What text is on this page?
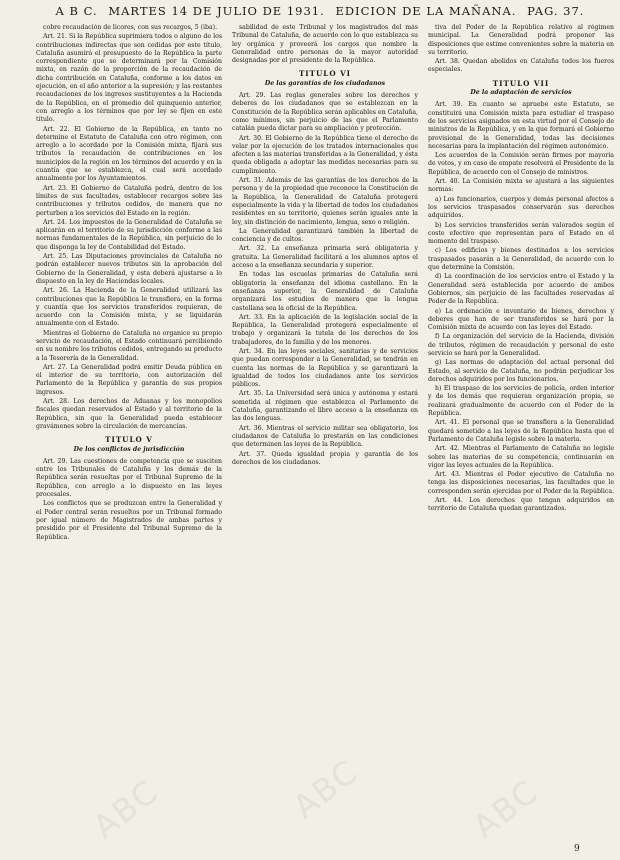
A B C. MARTES 14 DE JULIO DE 1931. EDICION DE LA MAÑANA. PAG. 37.

cobre recaudación de licores, con sus recargos, 5 (iba).

Art. 21. Si la República suprimiera todos o alguno de los contribuciones indirectas que son cedidas por este título, Cataluña asumirá el presupuesto de la República la parte correspondiente que se determinará por la Comisión mixta, en razón de la proporción de la recaudación de dicha contribución en Cataluña, conforme a los datos en ejecución, en el año anterior a la supresión; y las restantes recaudaciones de los ingresos sustituyentes a la Hacienda de la República, en el promedio del quinquenio anterior, con arreglo a los términos que por ley se fijen en este título.

Art. 22. El Gobierno de la República, en tanto no determine el Estatuto de Cataluña con otro régimen, con arreglo a lo acordado por la Comisión mixta, fijará sus tributos la recaudación de contribuciones en los municipios de la región en los términos del acuerdo y en la cuantía que se establezca, el cual será acordado anualmente por los Ayuntamientos.

Art. 23. El Gobierno de Cataluña podrá, dentro de los límites de sus facultades, establecer recargos sobre las contribuciones y tributos cedidos, de manera que no perturben a los servicios del Estado en la región.

Art. 24. Los impuestos de la Generalidad de Cataluña se aplicarán en el territorio de su jurisdicción conforme a las normas fundamentales de la República, sin perjuicio de lo que disponga la ley de Contabilidad del Estado.

Art. 25. Las Diputaciones provinciales de Cataluña no podrán establecer nuevos tributos sin la aprobación del Gobierno de la Generalidad, y esta deberá ajustarse a lo dispuesto en la ley de Haciendas locales.

Art. 26. La Hacienda de la Generalidad utilizará las contribuciones que la República le transfiera, en la forma y cuantía que los servicios transferidos requieran, de acuerdo con la Comisión mixta, y se liquidarán anualmente con el Estado.

Mientras el Gobierno de Cataluña no organice su propio servicio de recaudación, el Estado continuará percibiendo en su nombre los tributos cedidos, entregando su producto a la Tesorería de la Generalidad.

Art. 27. La Generalidad podrá emitir Deuda pública en el interior de su territorio, con autorización del Parlamento de la República y garantía de sus propios ingresos.

Art. 28. Los derechos de Aduanas y los monopolios fiscales quedan reservados al Estado y al territorio de la República, sin que la Generalidad pueda establecer gravámenes sobre la circulación de mercancías.

TITULO V
De los conflictos de jurisdicción

Art. 29. Las cuestiones de competencia que se susciten entre los Tribunales de Cataluña y los demás de la República serán resueltas por el Tribunal Supremo de la República, con arreglo a lo dispuesto en las leyes procesales.

Los conflictos que se produzcan entre la Generalidad y el Poder central serán resueltos por un Tribunal formado por igual número de Magistrados de ambas partes y presidido por el Presidente del Tribunal Supremo de la República.

sabilidad de este Tribunal y los magistrados del más Tribunal de Cataluña, de acuerdo con lo que establezca su ley orgánica y proveerá los cargos que nombre la Generalidad entre personas de la mayor autoridad designadas por el presidente de la República.

TITULO VI
De las garantías de los ciudadanos

Art. 29. Las reglas generales sobre los derechos y deberes de los ciudadanos que se establezcan en la Constitución de la República serán aplicables en Cataluña, como mínimos, sin perjuicio de las que el Parlamento catalán pueda dictar para su ampliación y protección.

Art. 30. El Gobierno de la República tiene el derecho de velar por la ejecución de los tratados internacionales que afecten a las materias transferidas a la Generalidad, y ésta queda obligada a adoptar las medidas necesarias para su cumplimiento.

Art. 31. Además de las garantías de los derechos de la persona y de la propiedad que reconoce la Constitución de la República, la Generalidad de Cataluña protegerá especialmente la vida y la libertad de todos los ciudadanos residentes en su territorio, quienes serán iguales ante la ley, sin distinción de nacimiento, lengua, sexo o religión.

La Generalidad garantizará también la libertad de conciencia y de cultos.

Art. 32. La enseñanza primaria será obligatoria y gratuita. La Generalidad facilitará a los alumnos aptos el acceso a la enseñanza secundaria y superior.

En todas las escuelas primarias de Cataluña será obligatoria la enseñanza del idioma castellano. En la enseñanza superior, la Generalidad de Cataluña organizará los estudios de manera que la lengua castellana sea la oficial de la República.

Art. 33. En la aplicación de la legislación social de la República, la Generalidad protegerá especialmente el trabajo y organizará la tutela de los derechos de los trabajadores, de la familia y de los menores.

Art. 34. En las leyes sociales, sanitarias y de servicios que puedan corresponder a la Generalidad, se tendrán en cuenta las normas de la República y se garantizará la igualdad de todos los ciudadanos ante los servicios públicos.

Art. 35. La Universidad será única y autónoma y estará sometida al régimen que establezca el Parlamento de Cataluña, garantizando el libre acceso a la enseñanza en las dos lenguas.

Art. 36. Mientras el servicio militar sea obligatorio, los ciudadanos de Cataluña lo prestarán en las condiciones que determinen las leyes de la República.

Art. 37. Queda igualdad propia y garantía de los derechos de los ciudadanos.

tiva del Poder de la República relativo al régimen municipal. La Generalidad podrá proponer las disposiciones que estime convenientes sobre la materia en su territorio.

Art. 38. Quedan abolidos en Cataluña todos los fueros especiales.

TITULO VII
De la adaptación de servicios

Art. 39. En cuanto se apruebe este Estatuto, se constituirá una Comisión mixta para estudiar el traspaso de los servicios asignados en esta virtud por el Consejo de ministros de la República, y en la que formará el Gobierno provisional de la Generalidad, todas las decisiones necesarias para la implantación del régimen autonómico.

Los acuerdos de la Comisión serán firmes por mayoría de votos, y en caso de empate resolverá el Presidente de la República, de acuerdo con el Consejo de ministros.

Art. 40. La Comisión mixta se ajustará a las siguientes normas:

a) Los funcionarios, cuerpos y demás personal afectos a los servicios traspasados conservarán sus derechos adquiridos.

b) Los servicios transferidos serán valorados según el coste efectivo que representan para el Estado en el momento del traspaso.

c) Los edificios y bienes destinados a los servicios traspasados pasarán a la Generalidad, de acuerdo con lo que determine la Comisión.

d) La coordinación de los servicios entre el Estado y la Generalidad será establecida por acuerdo de ambos Gobiernos, sin perjuicio de las facultades reservadas al Poder de la República.

e) La ordenación e inventario de bienes, derechos y deberes que han de ser transferidos se hará por la Comisión mixta de acuerdo con las leyes del Estado.

f) La organización del servicio de la Hacienda, división de tributos, régimen de recaudación y personal de este servicio se hará por la Generalidad.

g) Las normas de adaptación del actual personal del Estado, al servicio de Cataluña, no podrán perjudicar los derechos adquiridos por los funcionarios.

h) El traspaso de los servicios de policía, orden interior y de los demás que requieran organización propia, se realizará gradualmente de acuerdo con el Poder de la República.

Art. 41. El personal que se transfiera a la Generalidad quedará sometido a las leyes de la República hasta que el Parlamento de Cataluña legisle sobre la materia.

Art. 42. Mientras el Parlamento de Cataluña no legisle sobre las materias de su competencia, continuarán en vigor las leyes actuales de la República.

Art. 43. Mientras el Poder ejecutivo de Cataluña no tenga las disposiciones necesarias, las facultades que le corresponden serán ejercidas por el Poder de la República.

Art. 44. Los derechos que tengan adquiridos en territorio de Cataluña quedan garantizados.

ABC	ABC	ABC
9
